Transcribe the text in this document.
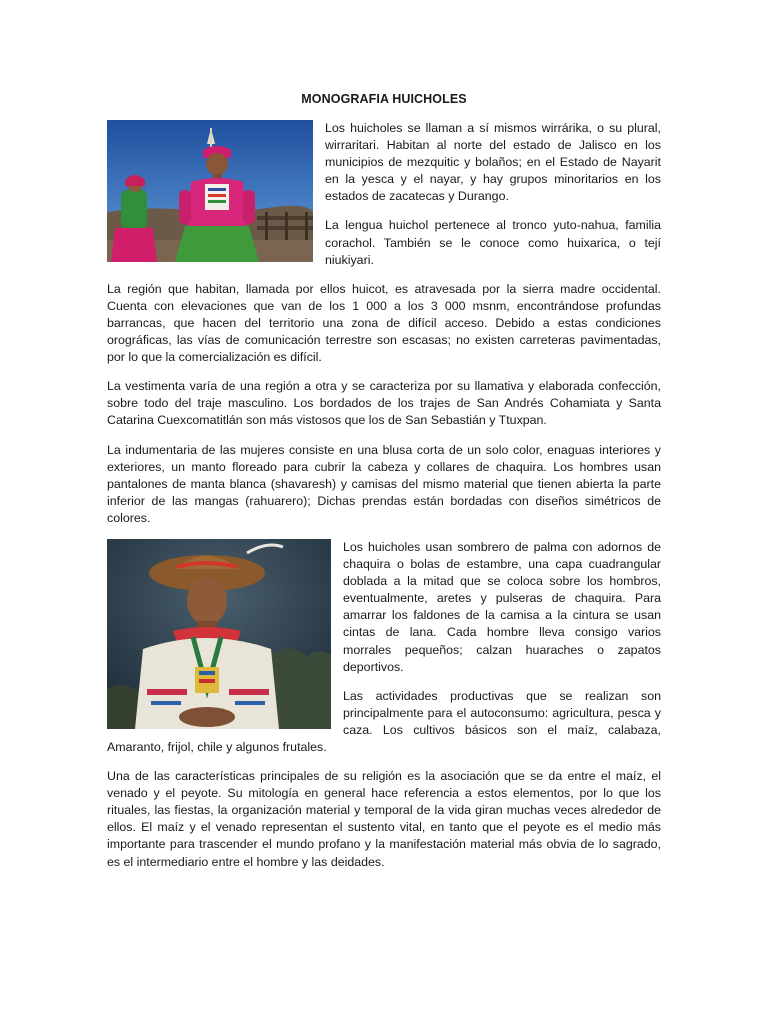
MONOGRAFIA HUICHOLES

Los huicholes se llaman a sí mismos wirrárika, o su plural, wirraritari. Habitan al norte del estado de Jalisco en los municipios de mezquitic y bolaños; en el Estado de Nayarit en la yesca y el nayar, y hay grupos minoritarios en los estados de zacatecas y Durango.

La lengua huichol pertenece al tronco yuto-nahua, familia corachol. También se le conoce como huixarica, o tejí niukiyari.

La región que habitan, llamada por ellos huicot, es atravesada por la sierra madre occidental. Cuenta con elevaciones que van de los 1 000 a los 3 000 msnm, encontrándose profundas barrancas, que hacen del territorio una zona de difícil acceso. Debido a estas condiciones orográficas, las vías de comunicación terrestre son escasas; no existen carreteras pavimentadas, por lo que la comercialización es difícil.

La vestimenta varía de una región a otra y se caracteriza por su llamativa y elaborada confección, sobre todo del traje masculino. Los bordados de los trajes de San Andrés Cohamiata y Santa Catarina Cuexcomatitlán son más vistosos que los de San Sebastián y Ttuxpan.

La indumentaria de las mujeres consiste en una blusa corta de un solo color, enaguas interiores y exteriores, un manto floreado para cubrir la cabeza y collares de chaquira. Los hombres usan pantalones de manta blanca (shavaresh) y camisas del mismo material que tienen abierta la parte inferior de las mangas (rahuarero); Dichas prendas están bordadas con diseños simétricos de colores.

Los huicholes usan sombrero de palma con adornos de chaquira o bolas de estambre, una capa cuadrangular doblada a la mitad que se coloca sobre los hombros, eventualmente, aretes y pulseras de chaquira. Para amarrar los faldones de la camisa a la cintura se usan cintas de lana. Cada hombre lleva consigo varios morrales pequeños; calzan huaraches o zapatos deportivos.

Las actividades productivas que se realizan son principalmente para el autoconsumo: agricultura, pesca y caza. Los cultivos básicos son el maíz, calabaza, Amaranto, frijol, chile y algunos frutales.

Una de las características principales de su religión es la asociación que se da entre el maíz, el venado y el peyote. Su mitología en general hace referencia a estos elementos, por lo que los rituales, las fiestas, la organización material y temporal de la vida giran muchas veces alrededor de ellos. El maíz y el venado representan el sustento vital, en tanto que el peyote es el medio más importante para trascender el mundo profano y la manifestación material más obvia de lo sagrado, es el intermediario entre el hombre y las deidades.
